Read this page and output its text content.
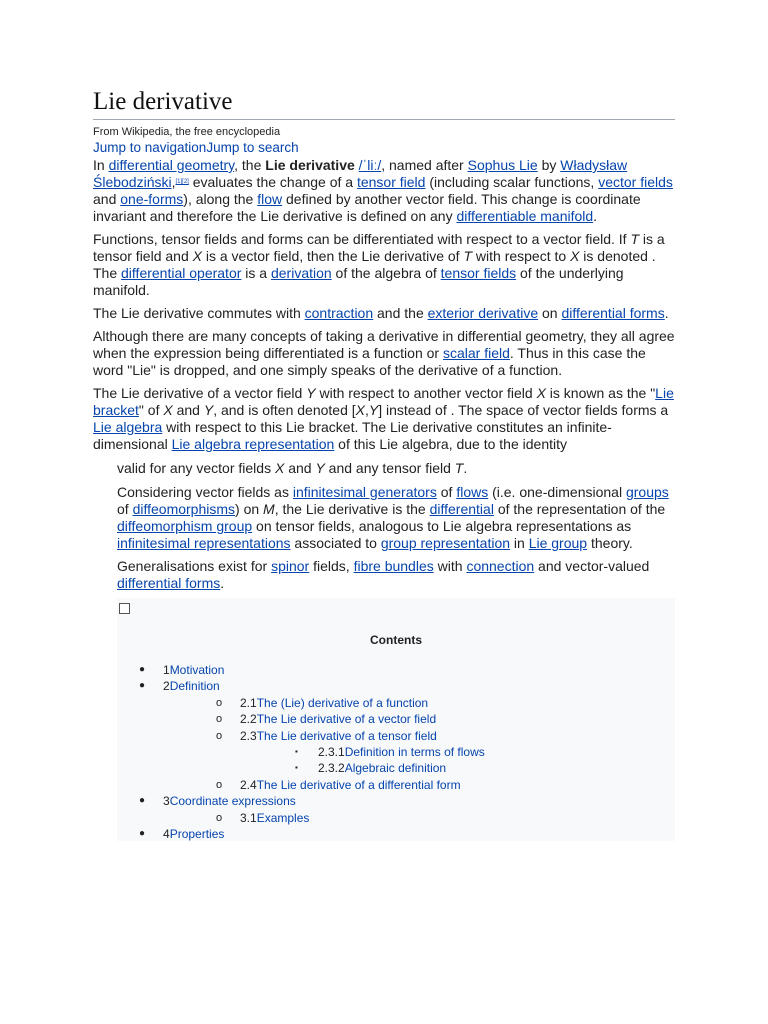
Lie derivative
From Wikipedia, the free encyclopedia
Jump to navigationJump to search

In differential geometry, the Lie derivative /ˈliː/, named after Sophus Lie by Władysław Ślebodziński,[1][2] evaluates the change of a tensor field (including scalar functions, vector fields and one-forms), along the flow defined by another vector field. This change is coordinate invariant and therefore the Lie derivative is defined on any differentiable manifold.

Functions, tensor fields and forms can be differentiated with respect to a vector field. If T is a tensor field and X is a vector field, then the Lie derivative of T with respect to X is denoted . The differential operator is a derivation of the algebra of tensor fields of the underlying manifold.

The Lie derivative commutes with contraction and the exterior derivative on differential forms.

Although there are many concepts of taking a derivative in differential geometry, they all agree when the expression being differentiated is a function or scalar field. Thus in this case the word "Lie" is dropped, and one simply speaks of the derivative of a function.

The Lie derivative of a vector field Y with respect to another vector field X is known as the "Lie bracket" of X and Y, and is often denoted [X,Y] instead of . The space of vector fields forms a Lie algebra with respect to this Lie bracket. The Lie derivative constitutes an infinite-dimensional Lie algebra representation of this Lie algebra, due to the identity

valid for any vector fields X and Y and any tensor field T.

Considering vector fields as infinitesimal generators of flows (i.e. one-dimensional groups of diffeomorphisms) on M, the Lie derivative is the differential of the representation of the diffeomorphism group on tensor fields, analogous to Lie algebra representations as infinitesimal representations associated to group representation in Lie group theory.

Generalisations exist for spinor fields, fibre bundles with connection and vector-valued differential forms.

Contents
● 1Motivation
● 2Definition
o 2.1The (Lie) derivative of a function
o 2.2The Lie derivative of a vector field
o 2.3The Lie derivative of a tensor field
▪ 2.3.1Definition in terms of flows
▪ 2.3.2Algebraic definition
o 2.4The Lie derivative of a differential form
● 3Coordinate expressions
o 3.1Examples
● 4Properties
